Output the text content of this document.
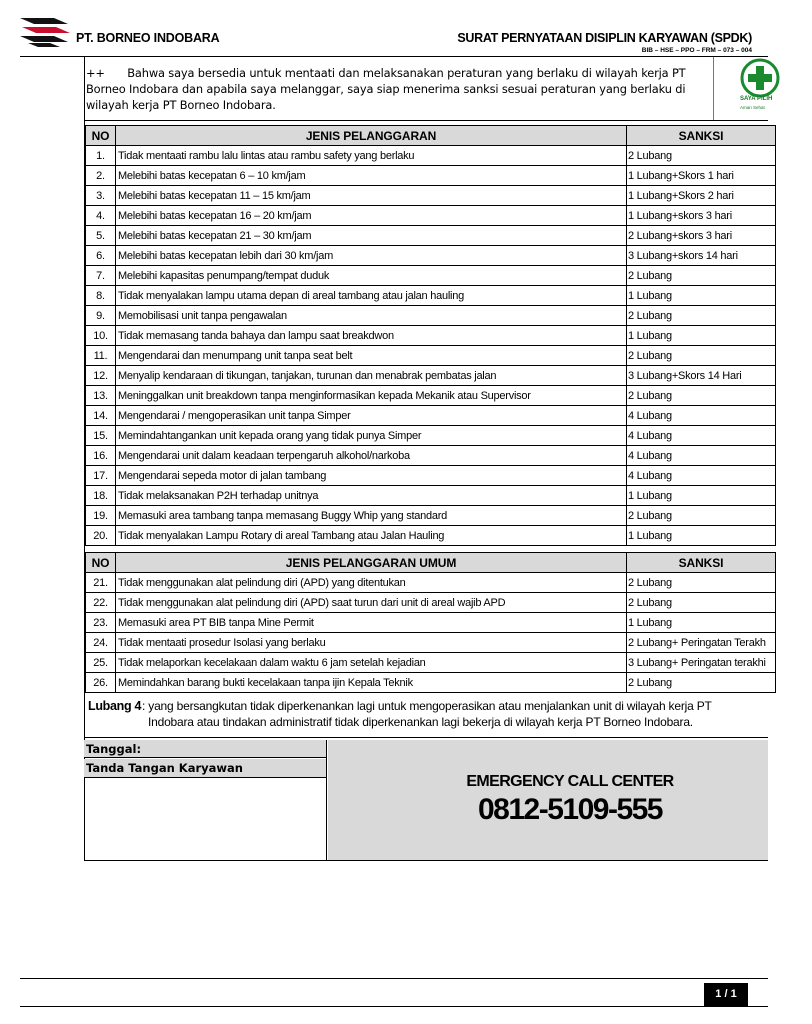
PT. BORNEO INDOBARA	SURAT PERNYATAAN DISIPLIN KARYAWAN (SPDK)
BIB – HSE – PPO – FRM – 073 – 004
++  Bahwa saya bersedia untuk mentaati dan melaksanakan peraturan yang berlaku di wilayah kerja PT Borneo Indobara dan apabila saya melanggar, saya siap menerima sanksi sesuai peraturan yang berlaku di wilayah kerja PT Borneo Indobara.	SAYA PILIH
Aman Sehat
NO	JENIS PELANGGARAN	SANKSI
1.	Tidak mentaati rambu lalu lintas atau rambu safety yang berlaku	2 Lubang
2.	Melebihi batas kecepatan 6 – 10 km/jam	1 Lubang+Skors 1 hari
3.	Melebihi batas kecepatan 11 – 15 km/jam	1 Lubang+Skors 2 hari
4.	Melebihi batas kecepatan 16 – 20 km/jam	1 Lubang+skors 3 hari
5.	Melebihi batas kecepatan 21 – 30 km/jam	2 Lubang+skors 3 hari
6.	Melebihi batas kecepatan lebih dari 30 km/jam	3 Lubang+skors 14 hari
7.	Melebihi kapasitas penumpang/tempat duduk	2 Lubang
8.	Tidak menyalakan lampu utama depan di areal tambang atau jalan hauling	1 Lubang
9.	Memobilisasi unit tanpa pengawalan	2 Lubang
10.	Tidak memasang tanda bahaya dan lampu saat breakdwon	1 Lubang
11.	Mengendarai dan menumpang unit tanpa seat belt	2 Lubang
12.	Menyalip kendaraan di tikungan, tanjakan, turunan dan menabrak pembatas jalan	3 Lubang+Skors 14 Hari
13.	Meninggalkan unit breakdown tanpa menginformasikan kepada Mekanik atau Supervisor	2 Lubang
14.	Mengendarai / mengoperasikan unit tanpa Simper	4 Lubang
15.	Memindahtangankan unit kepada orang yang tidak punya Simper	4 Lubang
16.	Mengendarai unit dalam keadaan terpengaruh alkohol/narkoba	4 Lubang
17.	Mengendarai sepeda motor di jalan tambang	4 Lubang
18.	Tidak melaksanakan P2H terhadap unitnya	1 Lubang
19.	Memasuki area tambang tanpa memasang Buggy Whip yang standard	2 Lubang
20.	Tidak menyalakan Lampu Rotary di areal Tambang atau Jalan Hauling	1 Lubang
NO	JENIS PELANGGARAN UMUM	SANKSI
21.	Tidak menggunakan alat pelindung diri (APD) yang ditentukan	2 Lubang
22.	Tidak menggunakan alat pelindung diri (APD) saat turun dari unit di areal wajib APD	2 Lubang
23.	Memasuki area PT BIB tanpa Mine Permit	1 Lubang
24.	Tidak mentaati prosedur Isolasi yang berlaku	2 Lubang+ Peringatan Terakh
25.	Tidak melaporkan kecelakaan dalam waktu 6 jam setelah kejadian	3 Lubang+ Peringatan terakhi
26.	Memindahkan barang bukti kecelakaan tanpa ijin Kepala Teknik	2 Lubang
Lubang 4 : yang bersangkutan tidak diperkenankan lagi untuk mengoperasikan atau menjalankan unit di wilayah kerja PT
Indobara atau tindakan administratif tidak diperkenankan lagi bekerja di wilayah kerja PT Borneo Indobara.
Tanggal:
Tanda Tangan Karyawan
EMERGENCY CALL CENTER
0812-5109-555
1 / 1
